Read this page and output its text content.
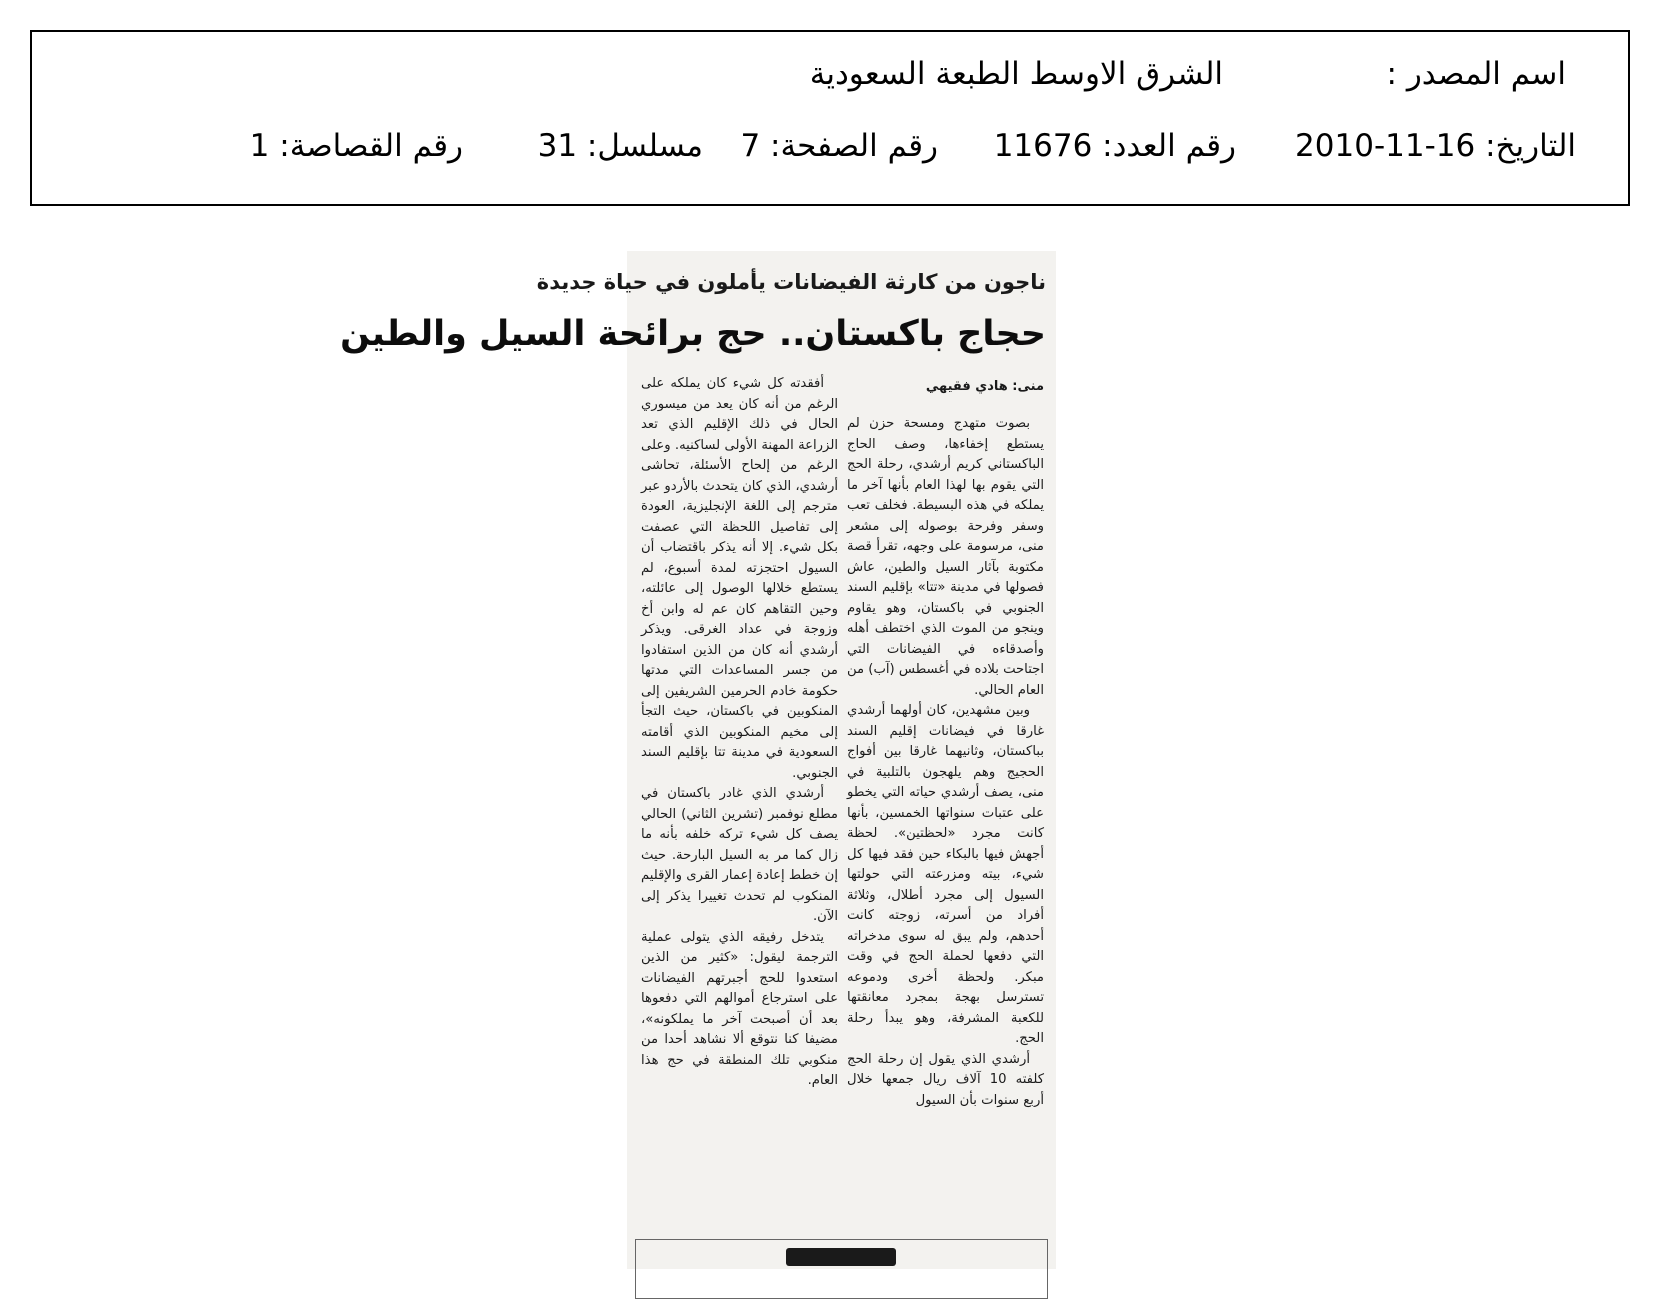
اسم المصدر :
الشرق الاوسط الطبعة السعودية
التاريخ: 16-11-2010
رقم العدد: 11676
رقم الصفحة: 7
مسلسل: 31
رقم القصاصة: 1
ناجون من كارثة الفيضانات يأملون في حياة جديدة
حجاج باكستان.. حج برائحة السيل والطين
منى: هادي فقيهي

بصوت متهدج ومسحة حزن لم يستطع إخفاءها، وصف الحاج الباكستاني كريم أرشدي، رحلة الحج التي يقوم بها لهذا العام بأنها آخر ما يملكه في هذه البسيطة. فخلف تعب وسفر وفرحة بوصوله إلى مشعر منى، مرسومة على وجهه، تقرأ قصة مكتوبة بآثار السيل والطين، عاش فصولها في مدينة «تتا» بإقليم السند الجنوبي في باكستان، وهو يقاوم وينجو من الموت الذي اختطف أهله وأصدقاءه في الفيضانات التي اجتاحت بلاده في أغسطس (آب) من العام الحالي.

وبين مشهدين، كان أولهما أرشدي غارقا في فيضانات إقليم السند بباكستان، وثانيهما غارقا بين أفواج الحجيج وهم يلهجون بالتلبية في منى، يصف أرشدي حياته التي يخطو على عتبات سنواتها الخمسين، بأنها كانت مجرد «لحظتين». لحظة أجهش فيها بالبكاء حين فقد فيها كل شيء، بيته ومزرعته التي حولتها السيول إلى مجرد أطلال، وثلاثة أفراد من أسرته، زوجته كانت أحدهم، ولم يبق له سوى مدخراته التي دفعها لحملة الحج في وقت مبكر. ولحظة أخرى ودموعه تسترسل بهجة بمجرد معانقتها للكعبة المشرفة، وهو يبدأ رحلة الحج.

أرشدي الذي يقول إن رحلة الحج كلفته 10 آلاف ريال جمعها خلال أربع سنوات بأن السيول

أفقدته كل شيء كان يملكه على الرغم من أنه كان يعد من ميسوري الحال في ذلك الإقليم الذي تعد الزراعة المهنة الأولى لساكنيه. وعلى الرغم من إلحاح الأسئلة، تحاشى أرشدي، الذي كان يتحدث بالأردو عبر مترجم إلى اللغة الإنجليزية، العودة إلى تفاصيل اللحظة التي عصفت بكل شيء. إلا أنه يذكر باقتضاب أن السيول احتجزته لمدة أسبوع، لم يستطع خلالها الوصول إلى عائلته، وحين التقاهم كان عم له وابن أخ وزوجة في عداد الغرقى. ويذكر أرشدي أنه كان من الذين استفادوا من جسر المساعدات التي مدتها حكومة خادم الحرمين الشريفين إلى المنكوبين في باكستان، حيث التجأ إلى مخيم المنكوبين الذي أقامته السعودية في مدينة تتا بإقليم السند الجنوبي.

أرشدي الذي غادر باكستان في مطلع نوفمبر (تشرين الثاني) الحالي يصف كل شيء تركه خلفه بأنه ما زال كما مر به السيل البارحة. حيث إن خطط إعادة إعمار القرى والإقليم المنكوب لم تحدث تغييرا يذكر إلى الآن.

يتدخل رفيقه الذي يتولى عملية الترجمة ليقول: «كثير من الذين استعدوا للحج أجبرتهم الفيضانات على استرجاع أموالهم التي دفعوها بعد أن أصبحت آخر ما يملكونه»، مضيفا كنا نتوقع ألا نشاهد أحدا من منكوبي تلك المنطقة في حج هذا العام.
